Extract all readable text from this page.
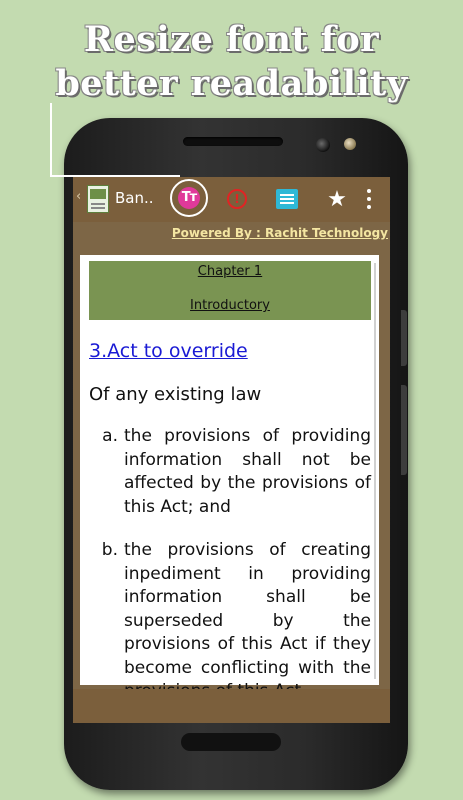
Resize font for
better readability
‹ Ban.. Tт	!	★
Powered By : Rachit Technology
Chapter 1
Introductory
3.Act to override
Of any existing law
a. the provisions of providing information shall not be affected by the provisions of this Act; and
b. the provisions of creating inpediment in providing information shall be superseded by the provisions of this Act if they become conflicting with the
